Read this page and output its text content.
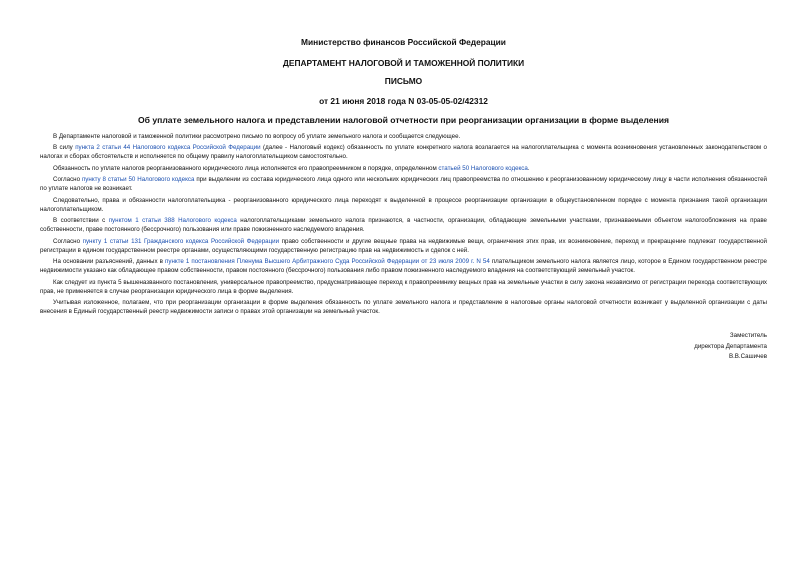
Министерство финансов Российской Федерации
ДЕПАРТАМЕНТ НАЛОГОВОЙ И ТАМОЖЕННОЙ ПОЛИТИКИ
ПИСЬМО
от 21 июня 2018 года N 03-05-05-02/42312
Об уплате земельного налога и представлении налоговой отчетности при реорганизации организации в форме выделения

В Департаменте налоговой и таможенной политики рассмотрено письмо по вопросу об уплате земельного налога и сообщается следующее.

В силу пункта 2 статьи 44 Налогового кодекса Российской Федерации (далее - Налоговый кодекс) обязанность по уплате конкретного налога возлагается на налогоплательщика с момента возникновения установленных законодательством о налогах и сборах обстоятельств и исполняется по общему правилу налогоплательщиком самостоятельно.

Обязанность по уплате налогов реорганизованного юридического лица исполняется его правопреемником в порядке, определенном статьей 50 Налогового кодекса.

Согласно пункту 8 статьи 50 Налогового кодекса при выделении из состава юридического лица одного или нескольких юридических лиц правопреемства по отношению к реорганизованному юридическому лицу в части исполнения обязанностей по уплате налогов не возникает.

Следовательно, права и обязанности налогоплательщика - реорганизованного юридического лица переходят к выделенной в процессе реорганизации организации в общеустановленном порядке с момента признания такой организации налогоплательщиком.

В соответствии с пунктом 1 статьи 388 Налогового кодекса налогоплательщиками земельного налога признаются, в частности, организации, обладающие земельными участками, признаваемыми объектом налогообложения на праве собственности, праве постоянного (бессрочного) пользования или праве пожизненного наследуемого владения.

Согласно пункту 1 статьи 131 Гражданского кодекса Российской Федерации право собственности и другие вещные права на недвижимые вещи, ограничения этих прав, их возникновение, переход и прекращение подлежат государственной регистрации в едином государственном реестре органами, осуществляющими государственную регистрацию прав на недвижимость и сделок с ней.

На основании разъяснений, данных в пункте 1 постановления Пленума Высшего Арбитражного Суда Российской Федерации от 23 июля 2009 г. N 54 плательщиком земельного налога является лицо, которое в Едином государственном реестре недвижимости указано как обладающее правом собственности, правом постоянного (бессрочного) пользования либо правом пожизненного наследуемого владения на соответствующий земельный участок.

Как следует из пункта 5 вышеназванного постановления, универсальное правопреемство, предусматривающее переход к правопреемнику вещных прав на земельные участки в силу закона независимо от регистрации перехода соответствующих прав, не применяется в случае реорганизации юридического лица в форме выделения.

Учитывая изложенное, полагаем, что при реорганизации организации в форме выделения обязанность по уплате земельного налога и представление в налоговые органы налоговой отчетности возникает у выделенной организации с даты внесения в Единый государственный реестр недвижимости записи о правах этой организации на земельный участок.

Заместитель
директора Департамента
В.В.Сашичев
